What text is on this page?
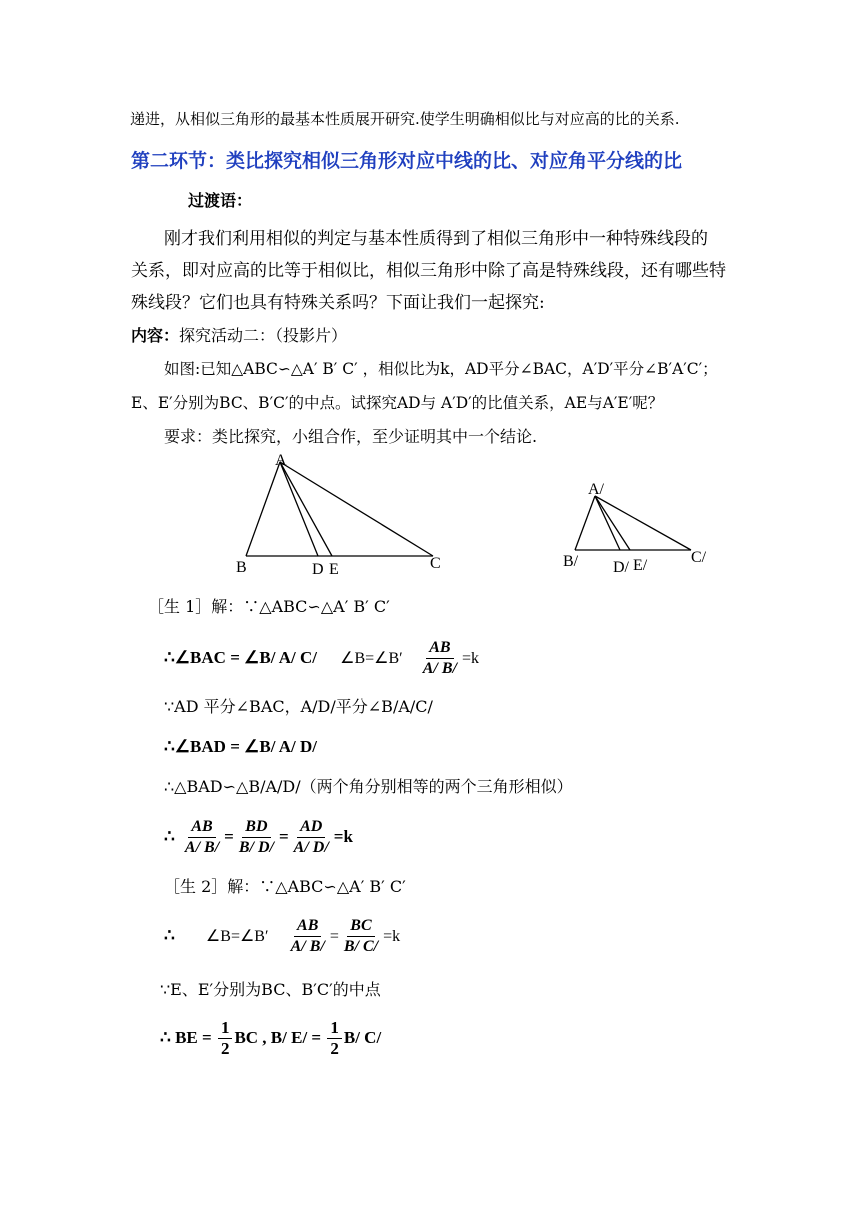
递进，从相似三角形的最基本性质展开研究.使学生明确相似比与对应高的比的关系.
第二环节：类比探究相似三角形对应中线的比、对应角平分线的比
过渡语：
刚才我们利用相似的判定与基本性质得到了相似三角形中一种特殊线段的
关系，即对应高的比等于相似比，相似三角形中除了高是特殊线段，还有哪些特
殊线段？它们也具有特殊关系吗？下面让我们一起探究:
内容：探究活动二：（投影片）
如图:已知△ABC∽△A′ B′ C′ ，相似比为k，AD平分∠BAC，A′D′平分∠B′A′C′；
E、E′分别为BC、B′C′的中点。试探究AD与 A′D′的比值关系，AE与A′E′呢？
要求：类比探究，小组合作，至少证明其中一个结论.
A
B	C
D E
A/
B/	C/
D/ E/
［生 1］解：∵△ABC∽△A′ B′ C′
∴∠BAC = ∠B/ A/ C/ ∠B=∠B′ $\frac{AB}{A/ B/} =k$
∵AD 平分∠BAC，A/D/平分∠B/A/C/
∴∠BAD = ∠B/ A/ D/
∴△BAD∽△B/A/D/（两个角分别相等的两个三角形相似）
∴ $\frac{AB}{A/ B/} = \frac{BD}{B/ D/} = \frac{AD}{A/ D/} =k$
［生 2］解：∵△ABC∽△A′ B′ C′
∴ ∠B=∠B′ $\frac{AB}{A/ B/} = \frac{BC}{B/ C/} =k$
∵E、E′分别为BC、B′C′的中点
∴ BE = $\frac{1}{2}$ BC , B/ $E/ = \frac{1}{2} B/$ C/
